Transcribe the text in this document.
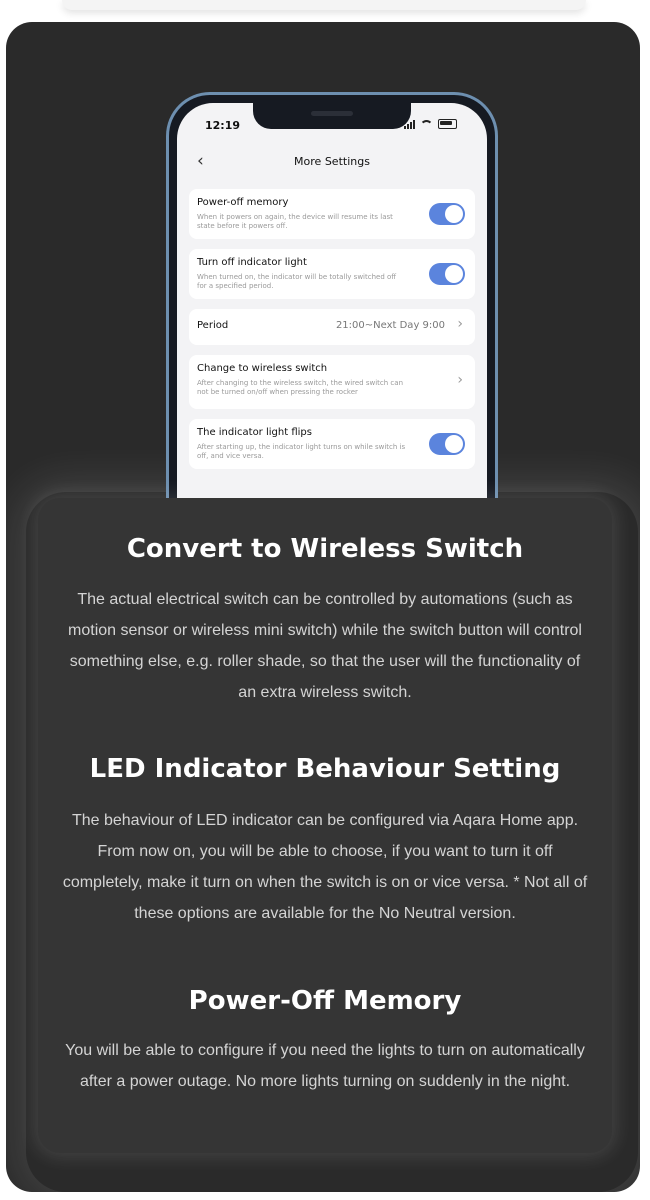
12:19
‹	More Settings
Power-off memory
When it powers on again, the device will resume its last state before it powers off.
Turn off indicator light
When turned on, the indicator will be totally switched off for a specified period.
Period	21:00~Next Day 9:00 ›
Change to wireless switch
After changing to the wireless switch, the wired switch can not be turned on/off when pressing the rocker
›
The indicator light flips
After starting up, the indicator light turns on while switch is off, and vice versa.
Convert to Wireless Switch
The actual electrical switch can be controlled by automations (such as motion sensor or wireless mini switch) while the switch button will control something else, e.g. roller shade, so that the user will the functionality of an extra wireless switch.
LED Indicator Behaviour Setting
The behaviour of LED indicator can be configured via Aqara Home app. From now on, you will be able to choose, if you want to turn it off completely, make it turn on when the switch is on or vice versa. * Not all of these options are available for the No Neutral version.
Power-Off Memory
You will be able to configure if you need the lights to turn on automatically after a power outage. No more lights turning on suddenly in the night.
